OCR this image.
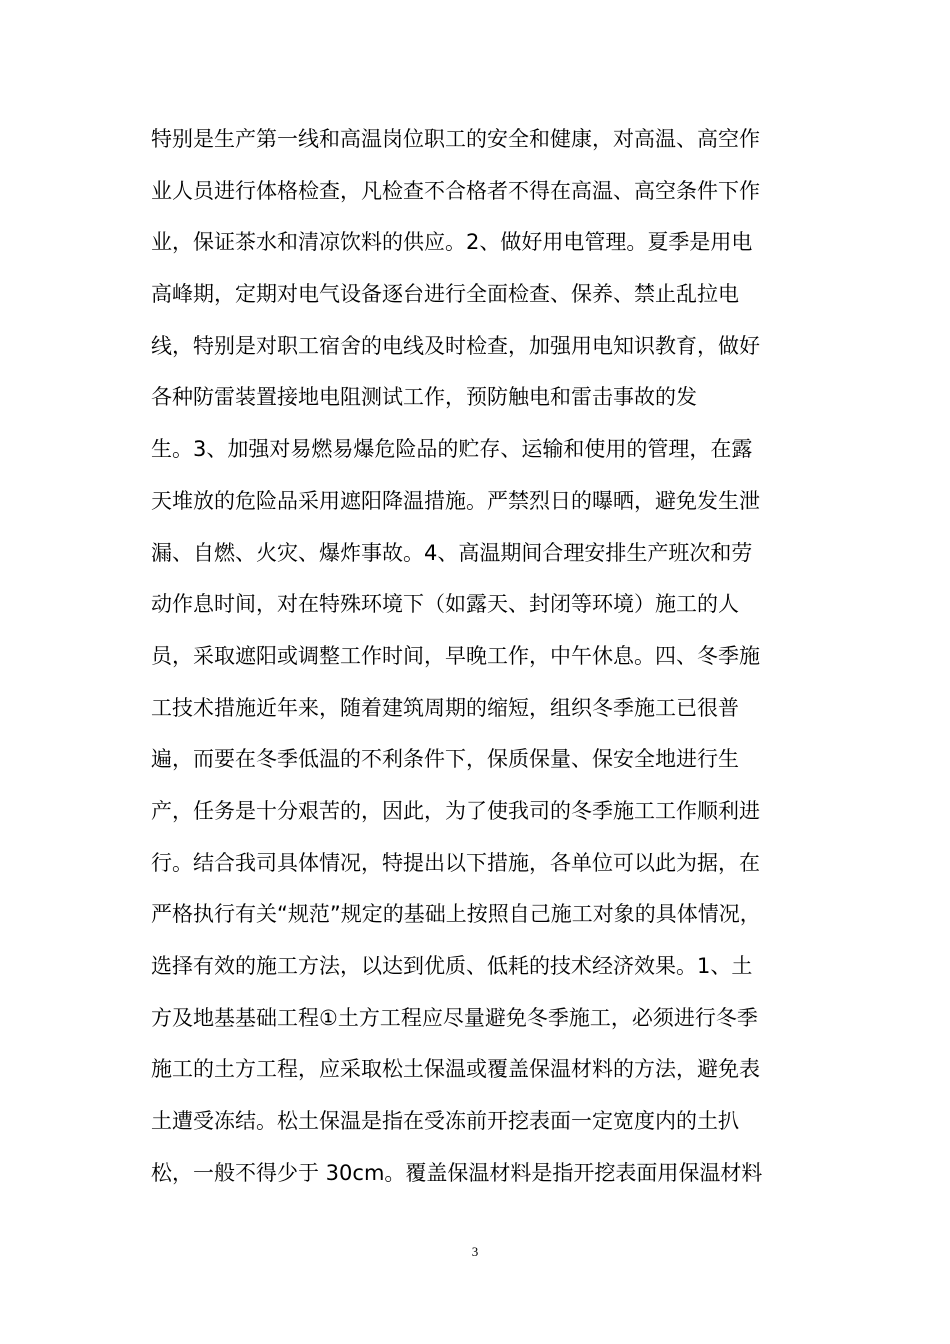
特别是生产第一线和高温岗位职工的安全和健康，对高温、高空作
业人员进行体格检查，凡检查不合格者不得在高温、高空条件下作
业，保证茶水和清凉饮料的供应。2、做好用电管理。夏季是用电
高峰期，定期对电气设备逐台进行全面检查、保养、禁止乱拉电
线，特别是对职工宿舍的电线及时检查，加强用电知识教育，做好
各种防雷装置接地电阻测试工作，预防触电和雷击事故的发
生。3、加强对易燃易爆危险品的贮存、运输和使用的管理，在露
天堆放的危险品采用遮阳降温措施。严禁烈日的曝晒，避免发生泄
漏、自燃、火灾、爆炸事故。4、高温期间合理安排生产班次和劳
动作息时间，对在特殊环境下（如露天、封闭等环境）施工的人
员，采取遮阳或调整工作时间，早晚工作，中午休息。四、冬季施
工技术措施近年来，随着建筑周期的缩短，组织冬季施工已很普
遍，而要在冬季低温的不利条件下，保质保量、保安全地进行生
产，任务是十分艰苦的，因此，为了使我司的冬季施工工作顺利进
行。结合我司具体情况，特提出以下措施，各单位可以此为据，在
严格执行有关“规范”规定的基础上按照自己施工对象的具体情况，
选择有效的施工方法，以达到优质、低耗的技术经济效果。1、土
方及地基基础工程①土方工程应尽量避免冬季施工，必须进行冬季
施工的土方工程，应采取松土保温或覆盖保温材料的方法，避免表
土遭受冻结。松土保温是指在受冻前开挖表面一定宽度内的土扒
松，一般不得少于 30cm。覆盖保温材料是指开挖表面用保温材料
3
